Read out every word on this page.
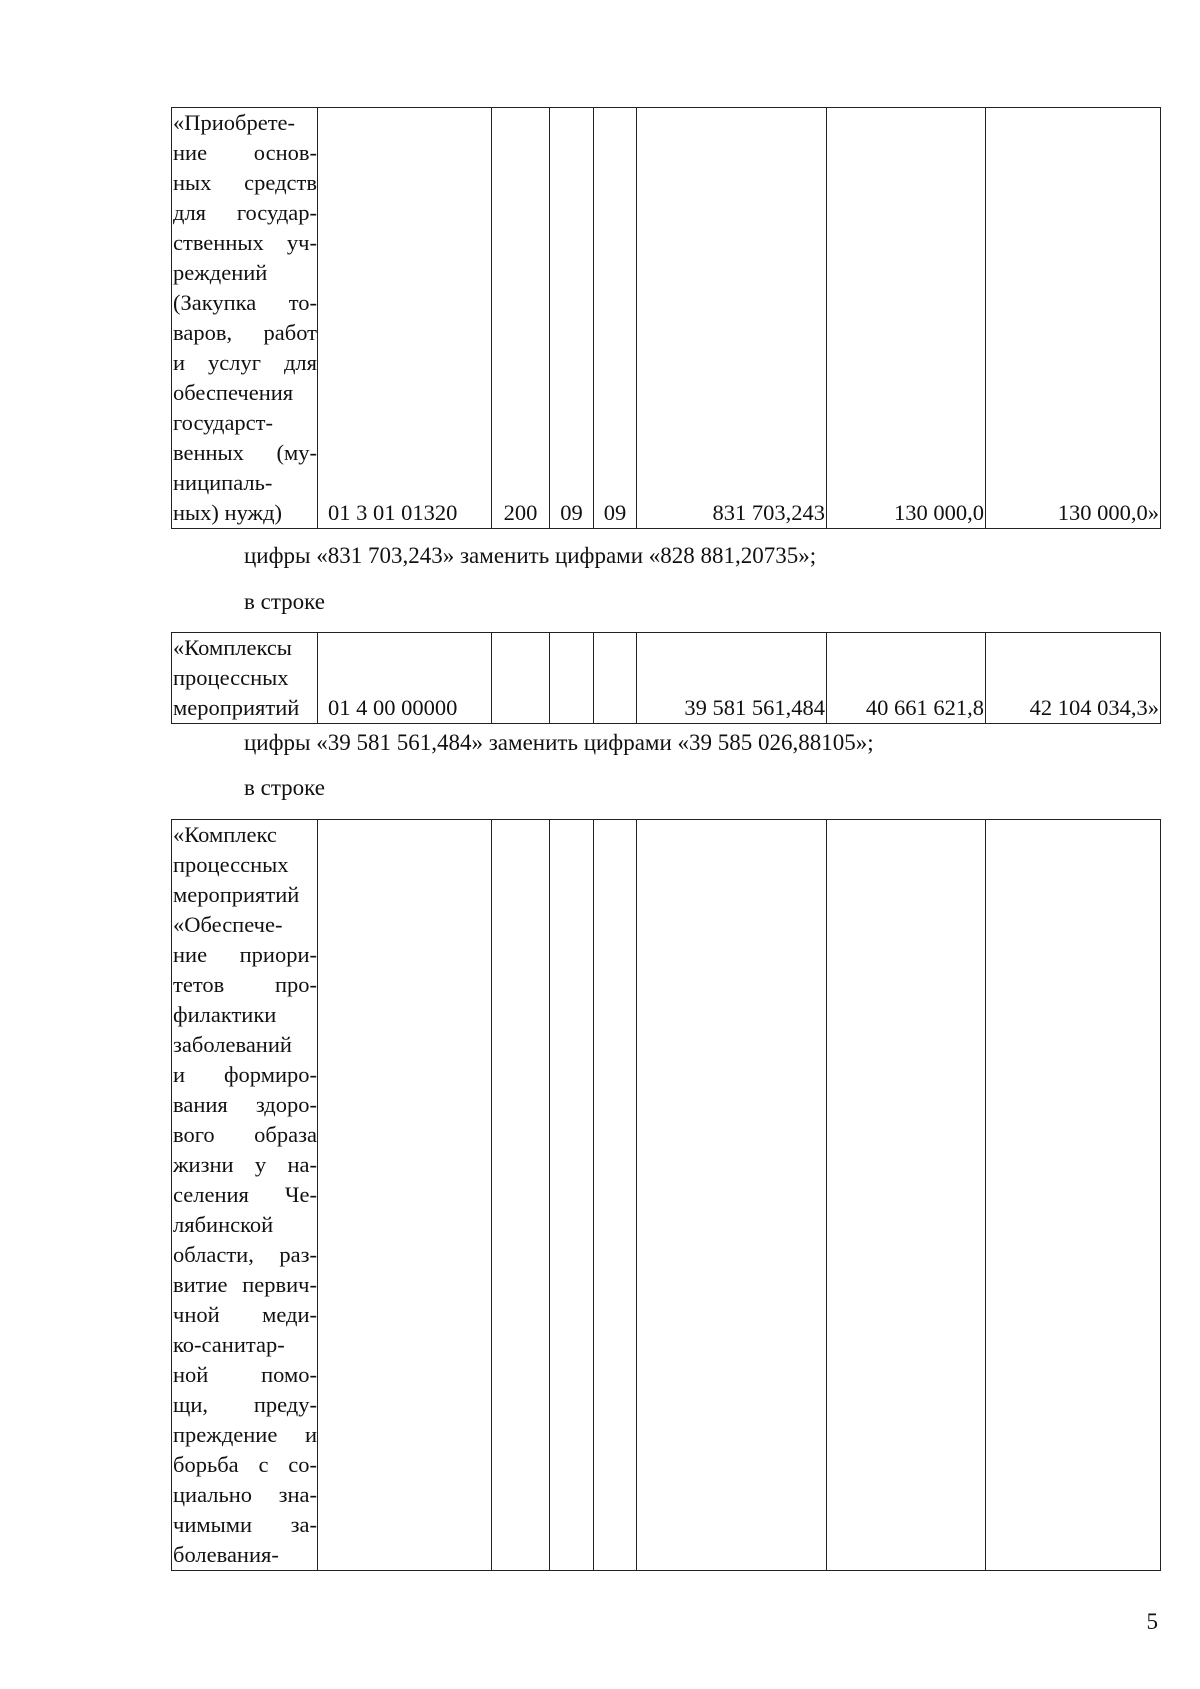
«Приобрете-
ние основ-
ных средств
для государ-
ственных уч-
реждений
(Закупка то-
варов, работ
и услуг для
обеспечения
государст-
венных (му-
ниципаль-
ных) нужд)	01 3 01 01320	200	09	09	831 703,243	130 000,0	130 000,0»
цифры «831 703,243» заменить цифрами «828 881,20735»;
в строке
«Комплексы
процессных
мероприятий	01 4 00 00000				39 581 561,484	40 661 621,8	42 104 034,3»
цифры «39 581 561,484» заменить цифрами «39 585 026,88105»;
в строке
«Комплекс
процессных
мероприятий
«Обеспече-
ние приори-
тетов про-
филактики
заболеваний
и формиро-
вания здоро-
вого образа
жизни у на-
селения Че-
лябинской
области, раз-
витие первич-
чной меди-
ко-санитар-
ной помо-
щи, преду-
преждение и
борьба с со-
циально зна-
чимыми за-
болевания-

5
